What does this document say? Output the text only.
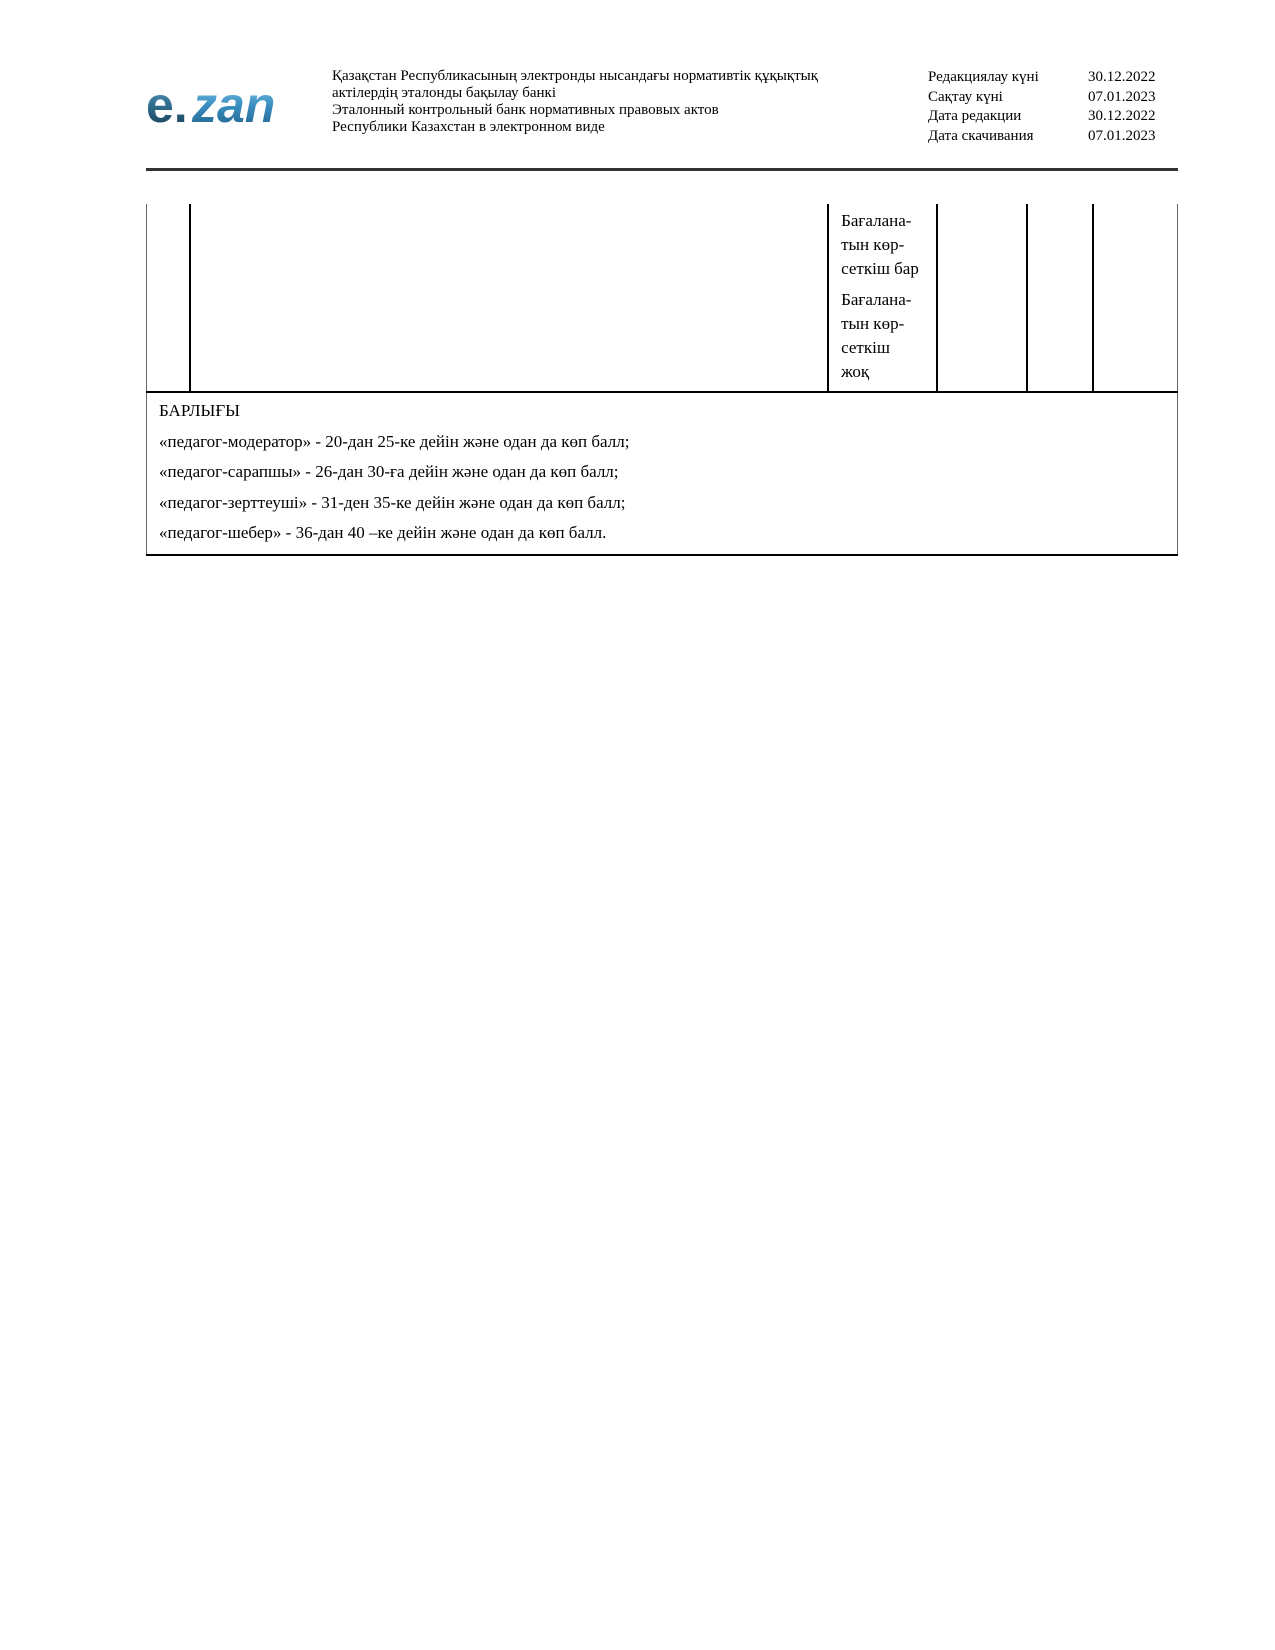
e. zan
Қазақстан Республикасының электронды нысандағы нормативтік құқықтық
актілердің эталонды бақылау банкі
Эталонный контрольный банк нормативных правовых актов
Республики Казахстан в электронном виде
Редакциялау күні	30.12.2022
Сақтау күні	07.01.2023
Дата редакции	30.12.2022
Дата скачивания	07.01.2023

Бағалана-
тын көр-
сеткіш бар

Бағалана-
тын көр-
сеткіш
жоқ

БАРЛЫҒЫ

«педагог-модератор» - 20-дан 25-ке дейін және одан да көп балл;

«педагог-сарапшы» - 26-дан 30-ға дейін және одан да көп балл;

«педагог-зерттеуші» - 31-ден 35-ке дейін және одан да көп балл;

«педагог-шебер» - 36-дан 40 –ке дейін және одан да көп балл.
